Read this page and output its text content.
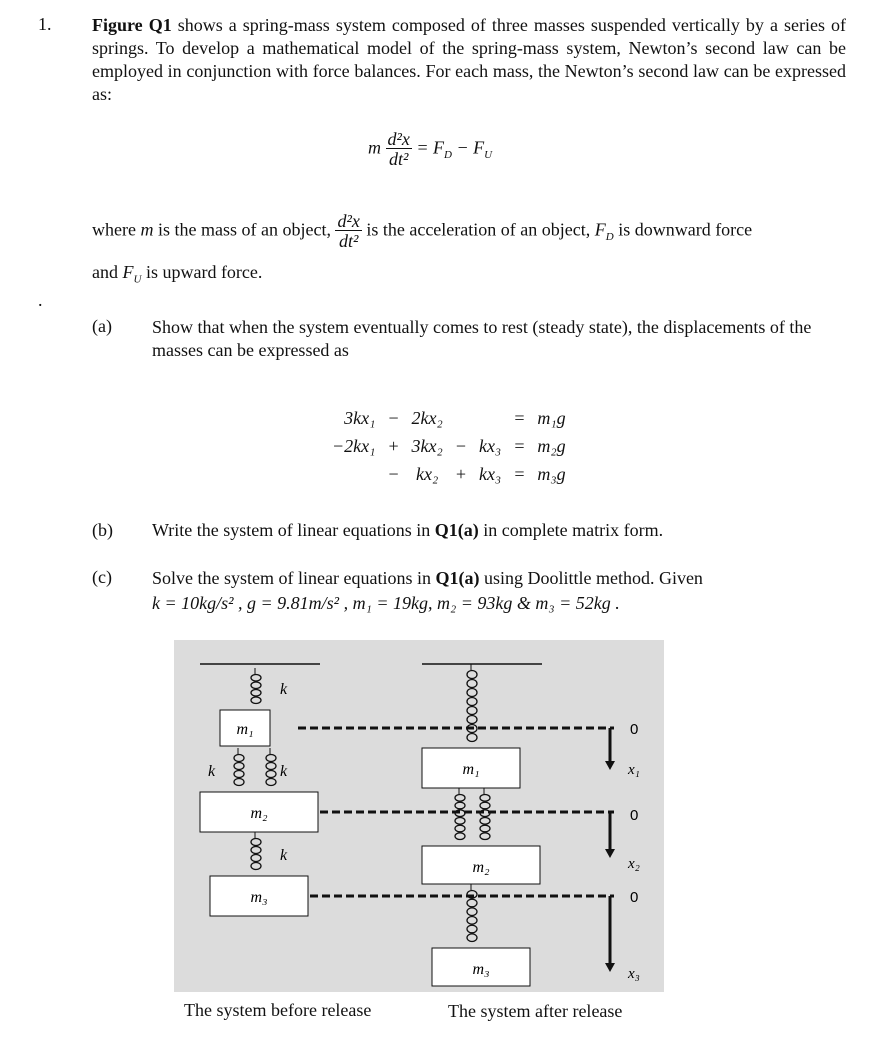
1. Figure Q1 shows a spring-mass system composed of three masses suspended vertically by a series of springs. To develop a mathematical model of the spring-mass system, Newton’s second law can be employed in conjunction with force balances. For each mass, the Newton’s second law can be expressed as:
m $\frac{\text{d²x}}{\text{dt²}} = F_D - F_U$
where m is the mass of an object, $\frac{\text{d²x}}{\text{dt²}}$ is the acceleration of an object, $F_D$ is downward force
and $F_U$ is upward force.
.
(a) Show that when the system eventually comes to rest (steady state), the displacements of the masses can be expressed as
3kx₁	−	2kx₂			=	m₁g
−2kx₁	+	3kx₂	−	kx₃	=	m₂g
	−	kx₂	+	kx₃	=	m₃g
(b) Write the system of linear equations in Q1(a) in complete matrix form.
(c) Solve the system of linear equations in Q1(a) using Doolittle method. Given
k = 10kg/s² , g = 9.81m/s² , m₁ = 19kg, m₂ = 93kg & m₃ = 52kg .
m₁
m₂
m₃
k
k	k
k
m₁
m₂
m₃
0
x₁
0
x₂
0
x₃
The system before release	The system after release
